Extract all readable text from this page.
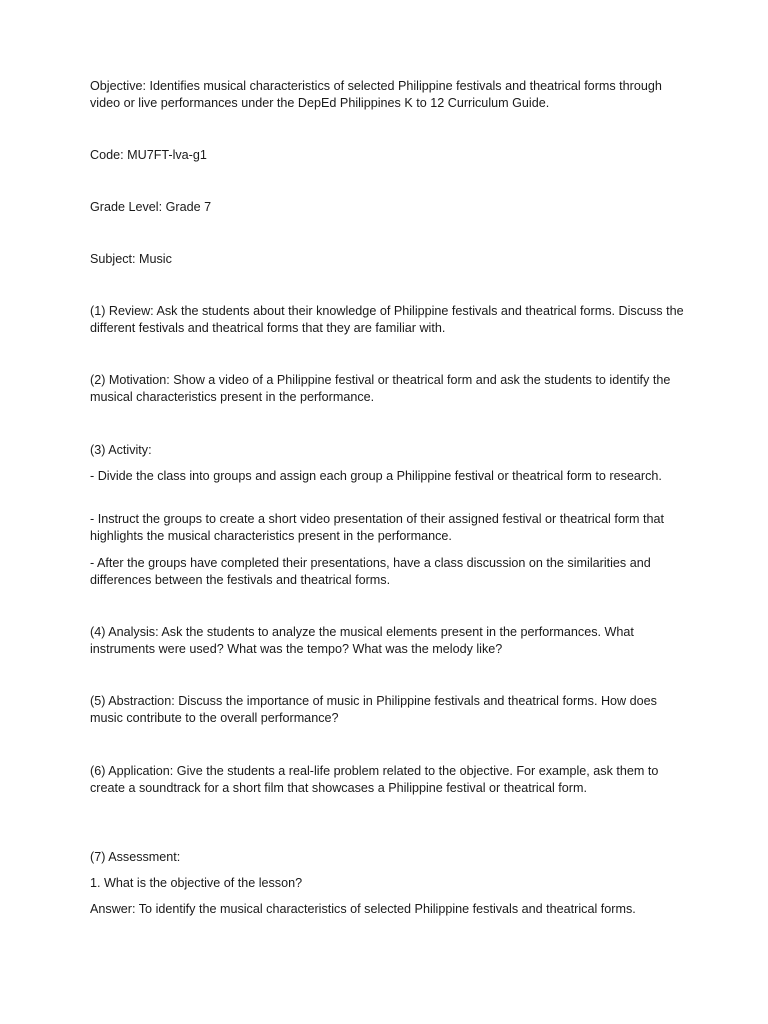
Objective: Identifies musical characteristics of selected Philippine festivals and theatrical forms through video or live performances under the DepEd Philippines K to 12 Curriculum Guide.

Code: MU7FT-lva-g1

Grade Level: Grade 7

Subject: Music

(1) Review: Ask the students about their knowledge of Philippine festivals and theatrical forms. Discuss the different festivals and theatrical forms that they are familiar with.

(2) Motivation: Show a video of a Philippine festival or theatrical form and ask the students to identify the musical characteristics present in the performance.

(3) Activity:

- Divide the class into groups and assign each group a Philippine festival or theatrical form to research.

- Instruct the groups to create a short video presentation of their assigned festival or theatrical form that highlights the musical characteristics present in the performance.

- After the groups have completed their presentations, have a class discussion on the similarities and differences between the festivals and theatrical forms.

(4) Analysis: Ask the students to analyze the musical elements present in the performances. What instruments were used? What was the tempo? What was the melody like?

(5) Abstraction: Discuss the importance of music in Philippine festivals and theatrical forms. How does music contribute to the overall performance?

(6) Application: Give the students a real-life problem related to the objective. For example, ask them to create a soundtrack for a short film that showcases a Philippine festival or theatrical form.

(7) Assessment:

1. What is the objective of the lesson?

Answer: To identify the musical characteristics of selected Philippine festivals and theatrical forms.
